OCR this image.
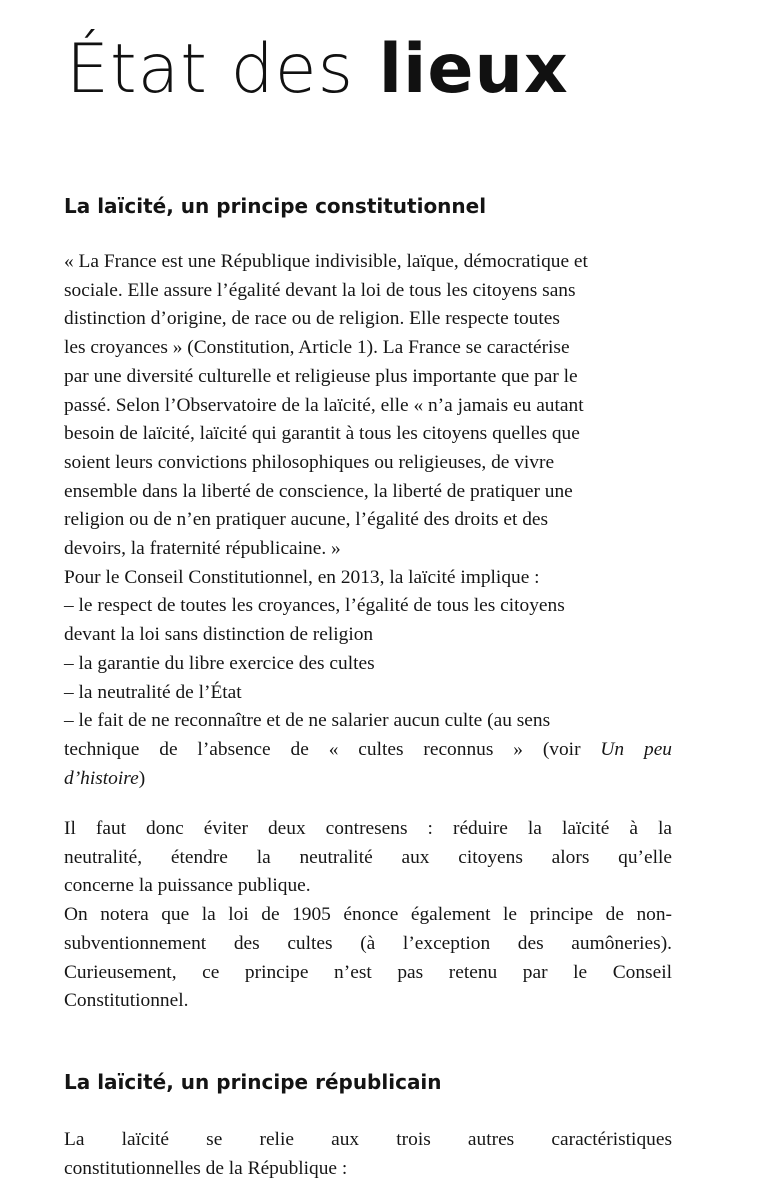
État des lieux
La laïcité, un principe constitutionnel
« La France est une République indivisible, laïque, démocratique et
sociale. Elle assure l’égalité devant la loi de tous les citoyens sans
distinction d’origine, de race ou de religion. Elle respecte toutes
les croyances » (Constitution, Article 1). La France se caractérise
par une diversité culturelle et religieuse plus importante que par le
passé. Selon l’Observatoire de la laïcité, elle « n’a jamais eu autant
besoin de laïcité, laïcité qui garantit à tous les citoyens quelles que
soient leurs convictions philosophiques ou religieuses, de vivre
ensemble dans la liberté de conscience, la liberté de pratiquer une
religion ou de n’en pratiquer aucune, l’égalité des droits et des
devoirs, la fraternité républicaine. »
Pour le Conseil Constitutionnel, en 2013, la laïcité implique :
– le respect de toutes les croyances, l’égalité de tous les citoyens
devant la loi sans distinction de religion
– la garantie du libre exercice des cultes
– la neutralité de l’État
– le fait de ne reconnaître et de ne salarier aucun culte (au sens
technique de l’absence de « cultes reconnus » (voir Un peu
d’histoire)
Il faut donc éviter deux contresens : réduire la laïcité à la
neutralité, étendre la neutralité aux citoyens alors qu’elle
concerne la puissance publique.
On notera que la loi de 1905 énonce également le principe de non-
subventionnement des cultes (à l’exception des aumôneries).
Curieusement, ce principe n’est pas retenu par le Conseil
Constitutionnel.
La laïcité, un principe républicain
La laïcité se relie aux trois autres caractéristiques
constitutionnelles de la République :
